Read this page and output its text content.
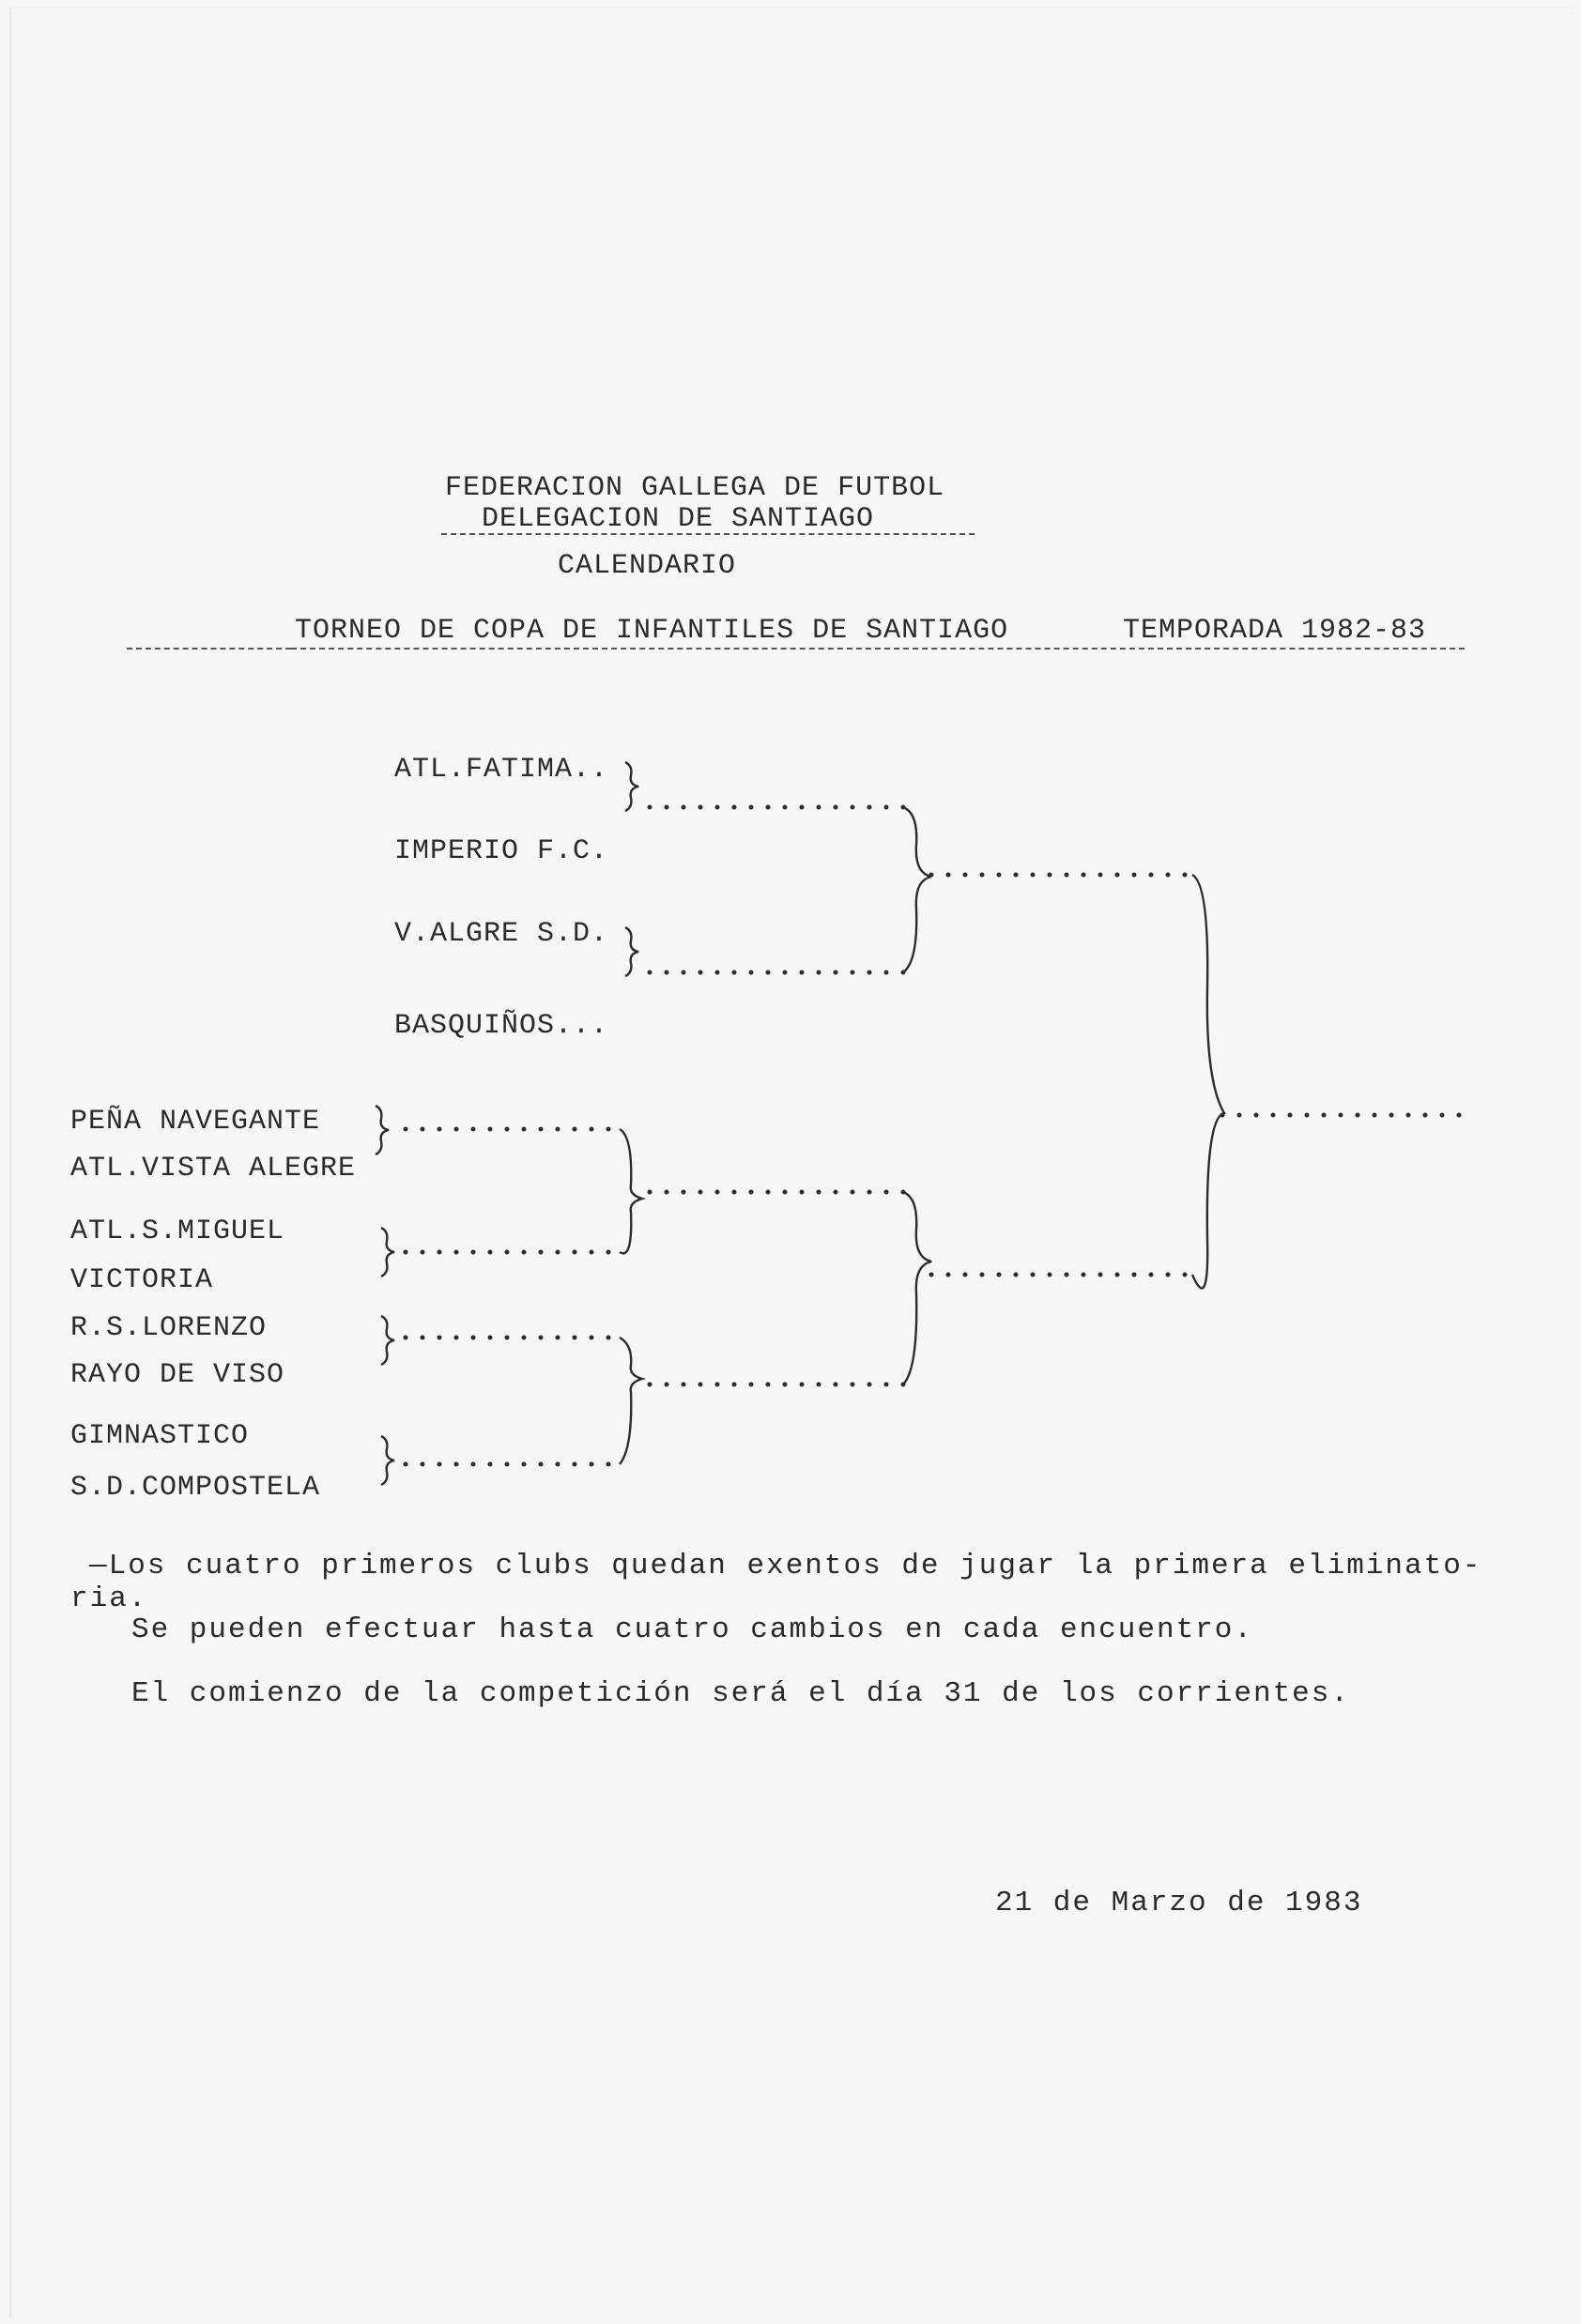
FEDERACION GALLEGA DE FUTBOL
DELEGACION DE SANTIAGO
CALENDARIO
TORNEO DE COPA DE INFANTILES DE SANTIAGO	TEMPORADA 1982-83
ATL.FATIMA..
IMPERIO F.C.
V.ALGRE S.D.
BASQUIÑOS...
PEÑA NAVEGANTE
ATL.VISTA ALEGRE
ATL.S.MIGUEL
VICTORIA
R.S.LORENZO
RAYO DE VISO
GIMNASTICO
S.D.COMPOSTELA
—Los cuatro primeros clubs quedan exentos de jugar la primera eliminato-
ria.
Se pueden efectuar hasta cuatro cambios en cada encuentro.
El comienzo de la competición será el día 31 de los corrientes.
21 de Marzo de 1983
